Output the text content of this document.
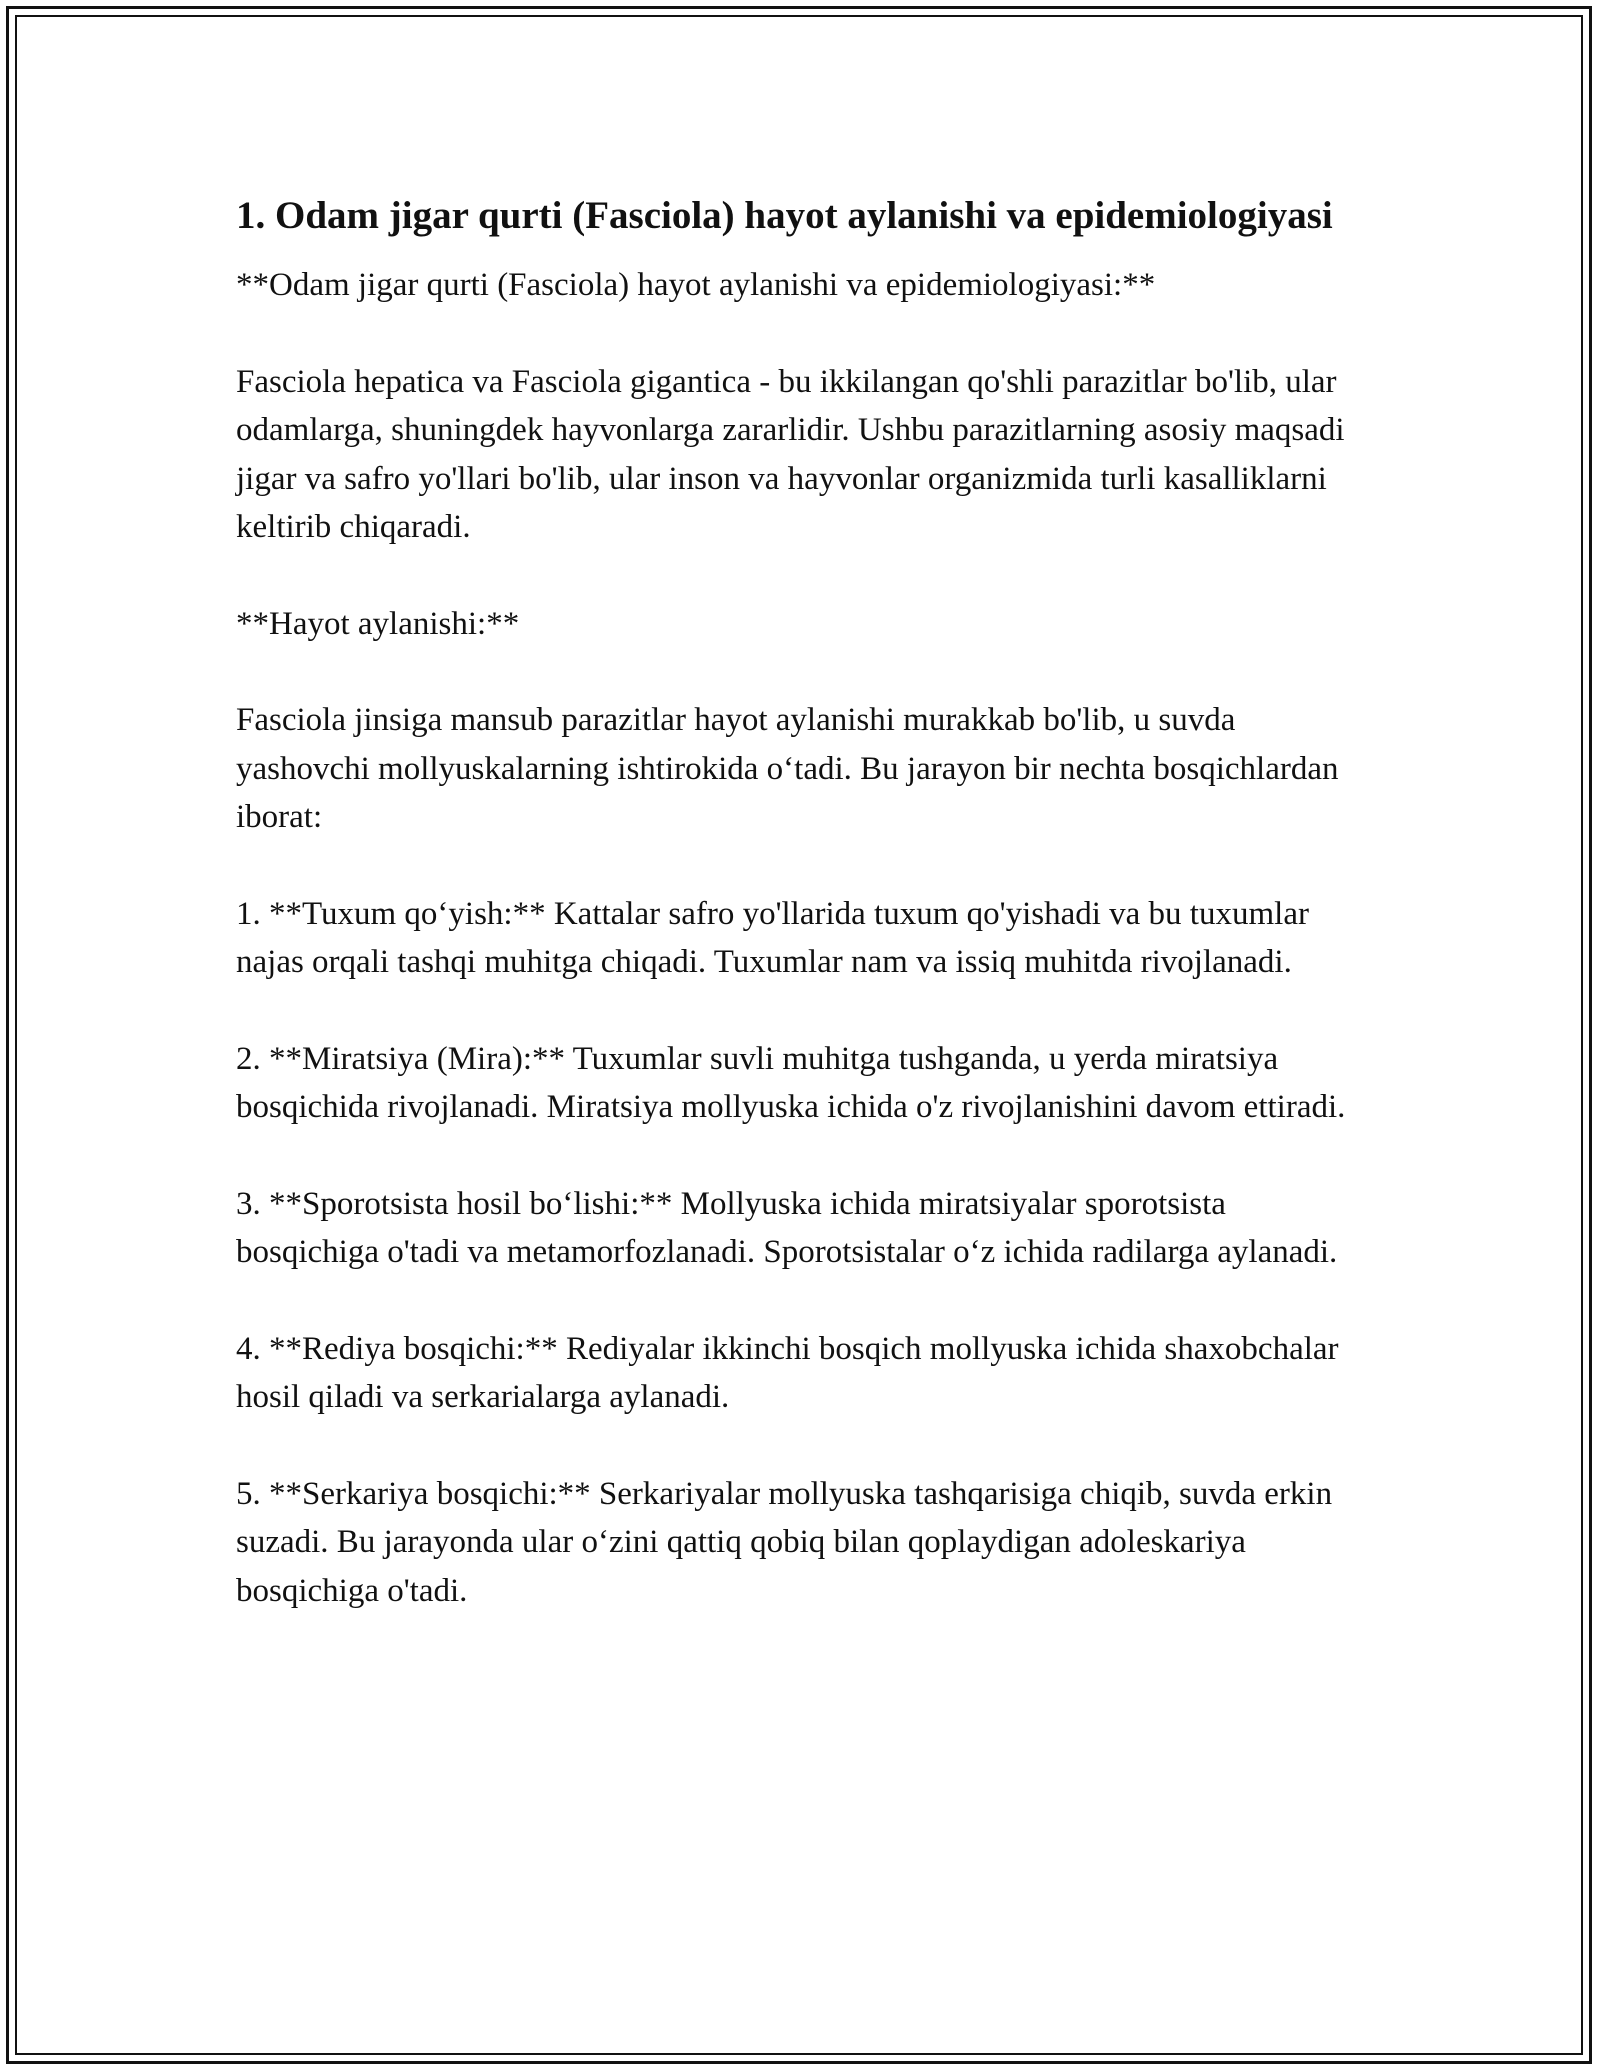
1. Odam jigar qurti (Fasciola) hayot aylanishi va epidemiologiyasi

**Odam jigar qurti (Fasciola) hayot aylanishi va epidemiologiyasi:**

Fasciola hepatica va Fasciola gigantica - bu ikkilangan qo'shli parazitlar bo'lib, ular odamlarga, shuningdek hayvonlarga zararlidir. Ushbu parazitlarning asosiy maqsadi jigar va safro yo'llari bo'lib, ular inson va hayvonlar organizmida turli kasalliklarni keltirib chiqaradi.

**Hayot aylanishi:**

Fasciola jinsiga mansub parazitlar hayot aylanishi murakkab bo'lib, u suvda yashovchi mollyuskalarning ishtirokida oʻtadi. Bu jarayon bir nechta bosqichlardan iborat:

1. **Tuxum qoʻyish:** Kattalar safro yo'llarida tuxum qo'yishadi va bu tuxumlar najas orqali tashqi muhitga chiqadi. Tuxumlar nam va issiq muhitda rivojlanadi.

2. **Miratsiya (Mira):** Tuxumlar suvli muhitga tushganda, u yerda miratsiya bosqichida rivojlanadi. Miratsiya mollyuska ichida o'z rivojlanishini davom ettiradi.

3. **Sporotsista hosil boʻlishi:** Mollyuska ichida miratsiyalar sporotsista bosqichiga o'tadi va metamorfozlanadi. Sporotsistalar oʻz ichida radilarga aylanadi.

4. **Rediya bosqichi:** Rediyalar ikkinchi bosqich mollyuska ichida shaxobchalar hosil qiladi va serkarialarga aylanadi.

5. **Serkariya bosqichi:** Serkariyalar mollyuska tashqarisiga chiqib, suvda erkin suzadi. Bu jarayonda ular oʻzini qattiq qobiq bilan qoplaydigan adoleskariya bosqichiga o'tadi.
